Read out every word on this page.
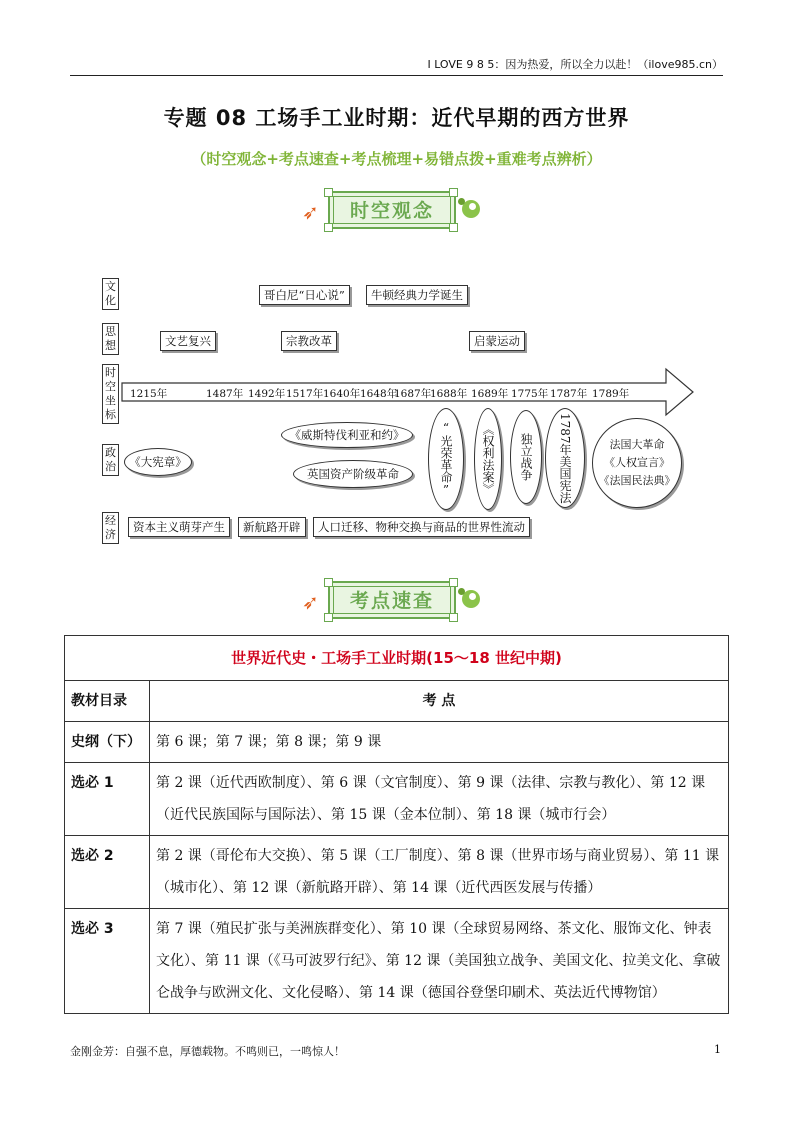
I LOVE 9 8 5：因为热爱，所以全力以赴！（ilove985.cn）
专题 08 工场手工业时期：近代早期的西方世界
（时空观念+考点速查+考点梳理+易错点拨+重难考点辨析）
➶	时空观念
文化
思想
时空坐标
政治
经济
哥白尼“日心说”	牛顿经典力学诞生
文艺复兴	宗教改革	启蒙运动
1215年	1487年 1492年 1517年 1640年 1648年
1687年
1688年 1689年 1775年 1787年 1789年
《大宪章》
《威斯特伐利亚和约》
英国资产阶级革命	“光荣革命”	《权利法案》	独立战争	1787年美国宪法	法国大革命
《人权宣言》
《法国民法典》
资本主义萌芽产生	新航路开辟	人口迁移、物种交换与商品的世界性流动
➶	考点速查
世界近代史・工场手工业时期(15～18 世纪中期)	
教材目录	考 点
史纲（下）	第 6 课；第 7 课；第 8 课；第 9 课
选必 1	第 2 课（近代西欧制度）、第 6 课（文官制度）、第 9 课（法律、宗教与教化）、第 12 课（近代民族国际与国际法）、第 15 课（金本位制）、第 18 课（城市行会）
选必 2	第 2 课（哥伦布大交换）、第 5 课（工厂制度）、第 8 课（世界市场与商业贸易）、第 11 课（城市化）、第 12 课（新航路开辟）、第 14 课（近代西医发展与传播）
选必 3	第 7 课（殖民扩张与美洲族群变化）、第 10 课（全球贸易网络、茶文化、服饰文化、钟表文化）、第 11 课（《马可波罗行纪》、第 12 课（美国独立战争、美国文化、拉美文化、拿破仑战争与欧洲文化、文化侵略）、第 14 课（德国谷登堡印刷术、英法近代博物馆）
金刚金芳：自强不息，厚德载物。不鸣则已，一鸣惊人！	1
